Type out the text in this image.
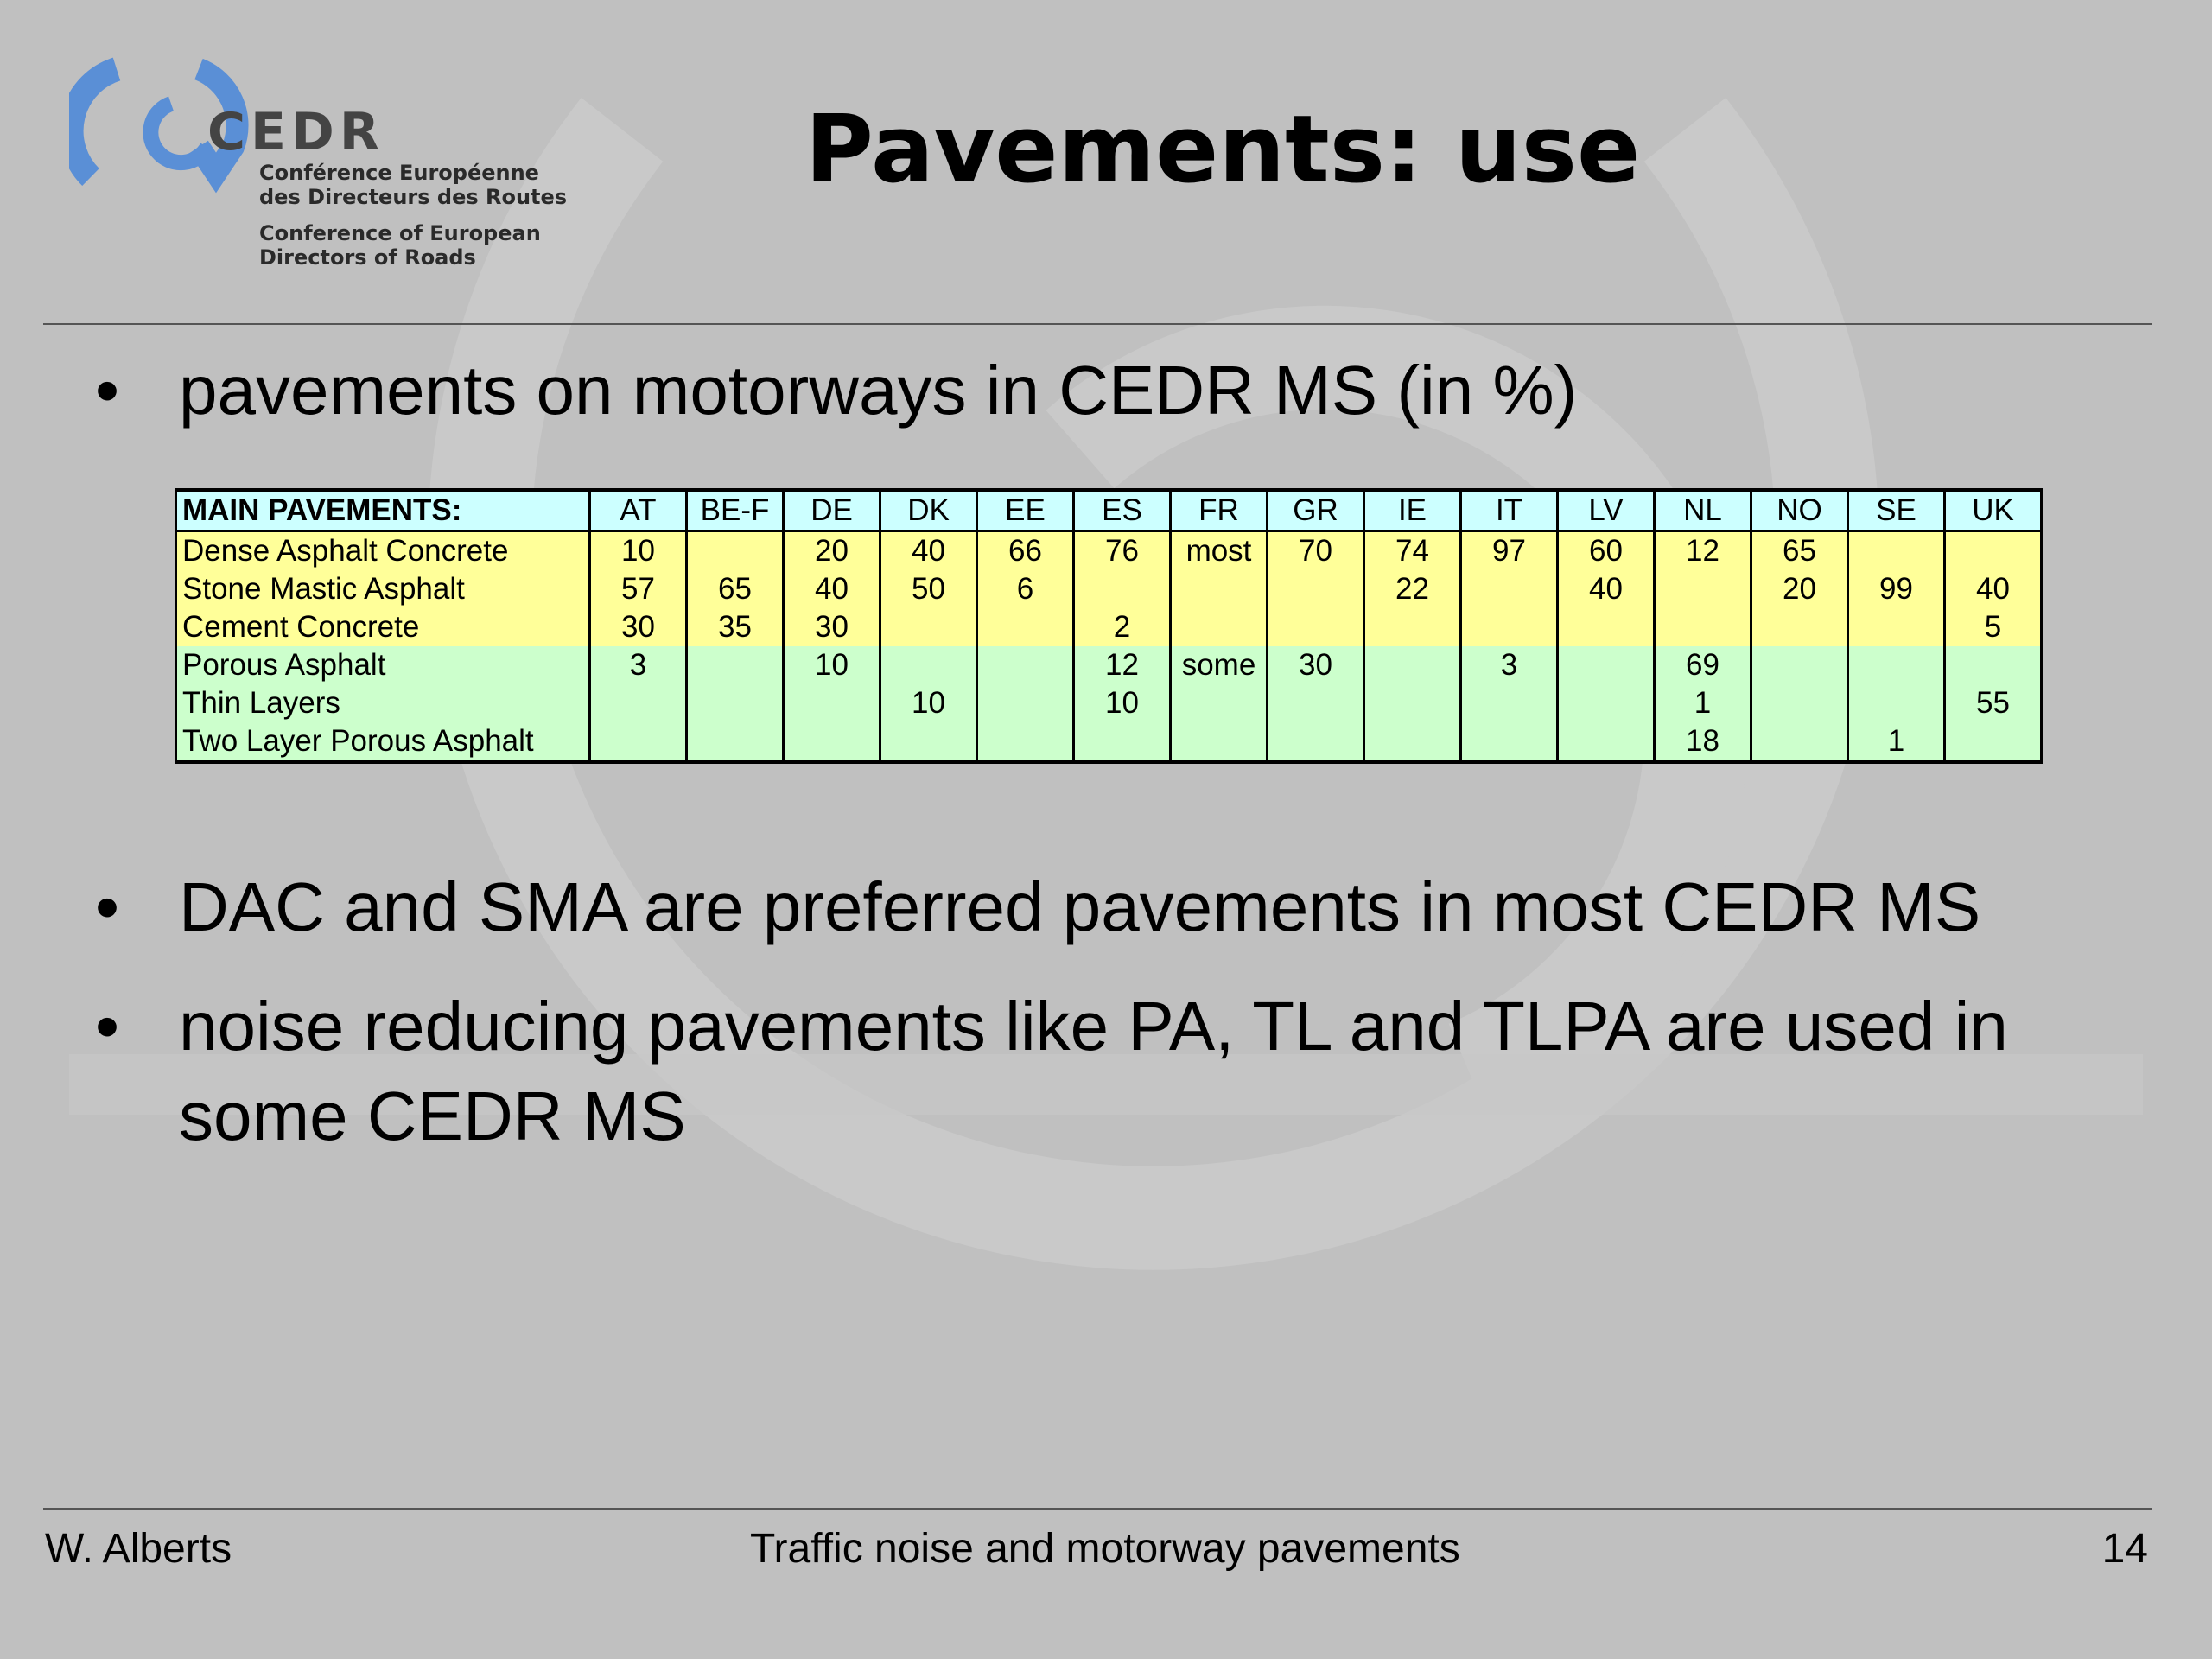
CEDR
Conférence Européenne
des Directeurs des Routes
Conference of European
Directors of Roads
Pavements: use
• pavements on motorways in CEDR MS (in %)
MAIN PAVEMENTS:	AT	BE-F	DE	DK	EE	ES	FR	GR	IE	IT	LV	NL	NO	SE	UK
Dense Asphalt Concrete	10		20	40	66	76	most	70	74	97	60	12	65		
Stone Mastic Asphalt	57	65	40	50	6				22		40		20	99	40
Cement Concrete	30	35	30			2									5
Porous Asphalt	3		10			12	some	30		3		69			
Thin Layers				10		10						1			55
Two Layer Porous Asphalt												18		1	
• DAC and SMA are preferred pavements in most CEDR MS
• noise reducing pavements like PA, TL and TLPA are used in some CEDR MS
W. Alberts	Traffic noise and motorway pavements	14
